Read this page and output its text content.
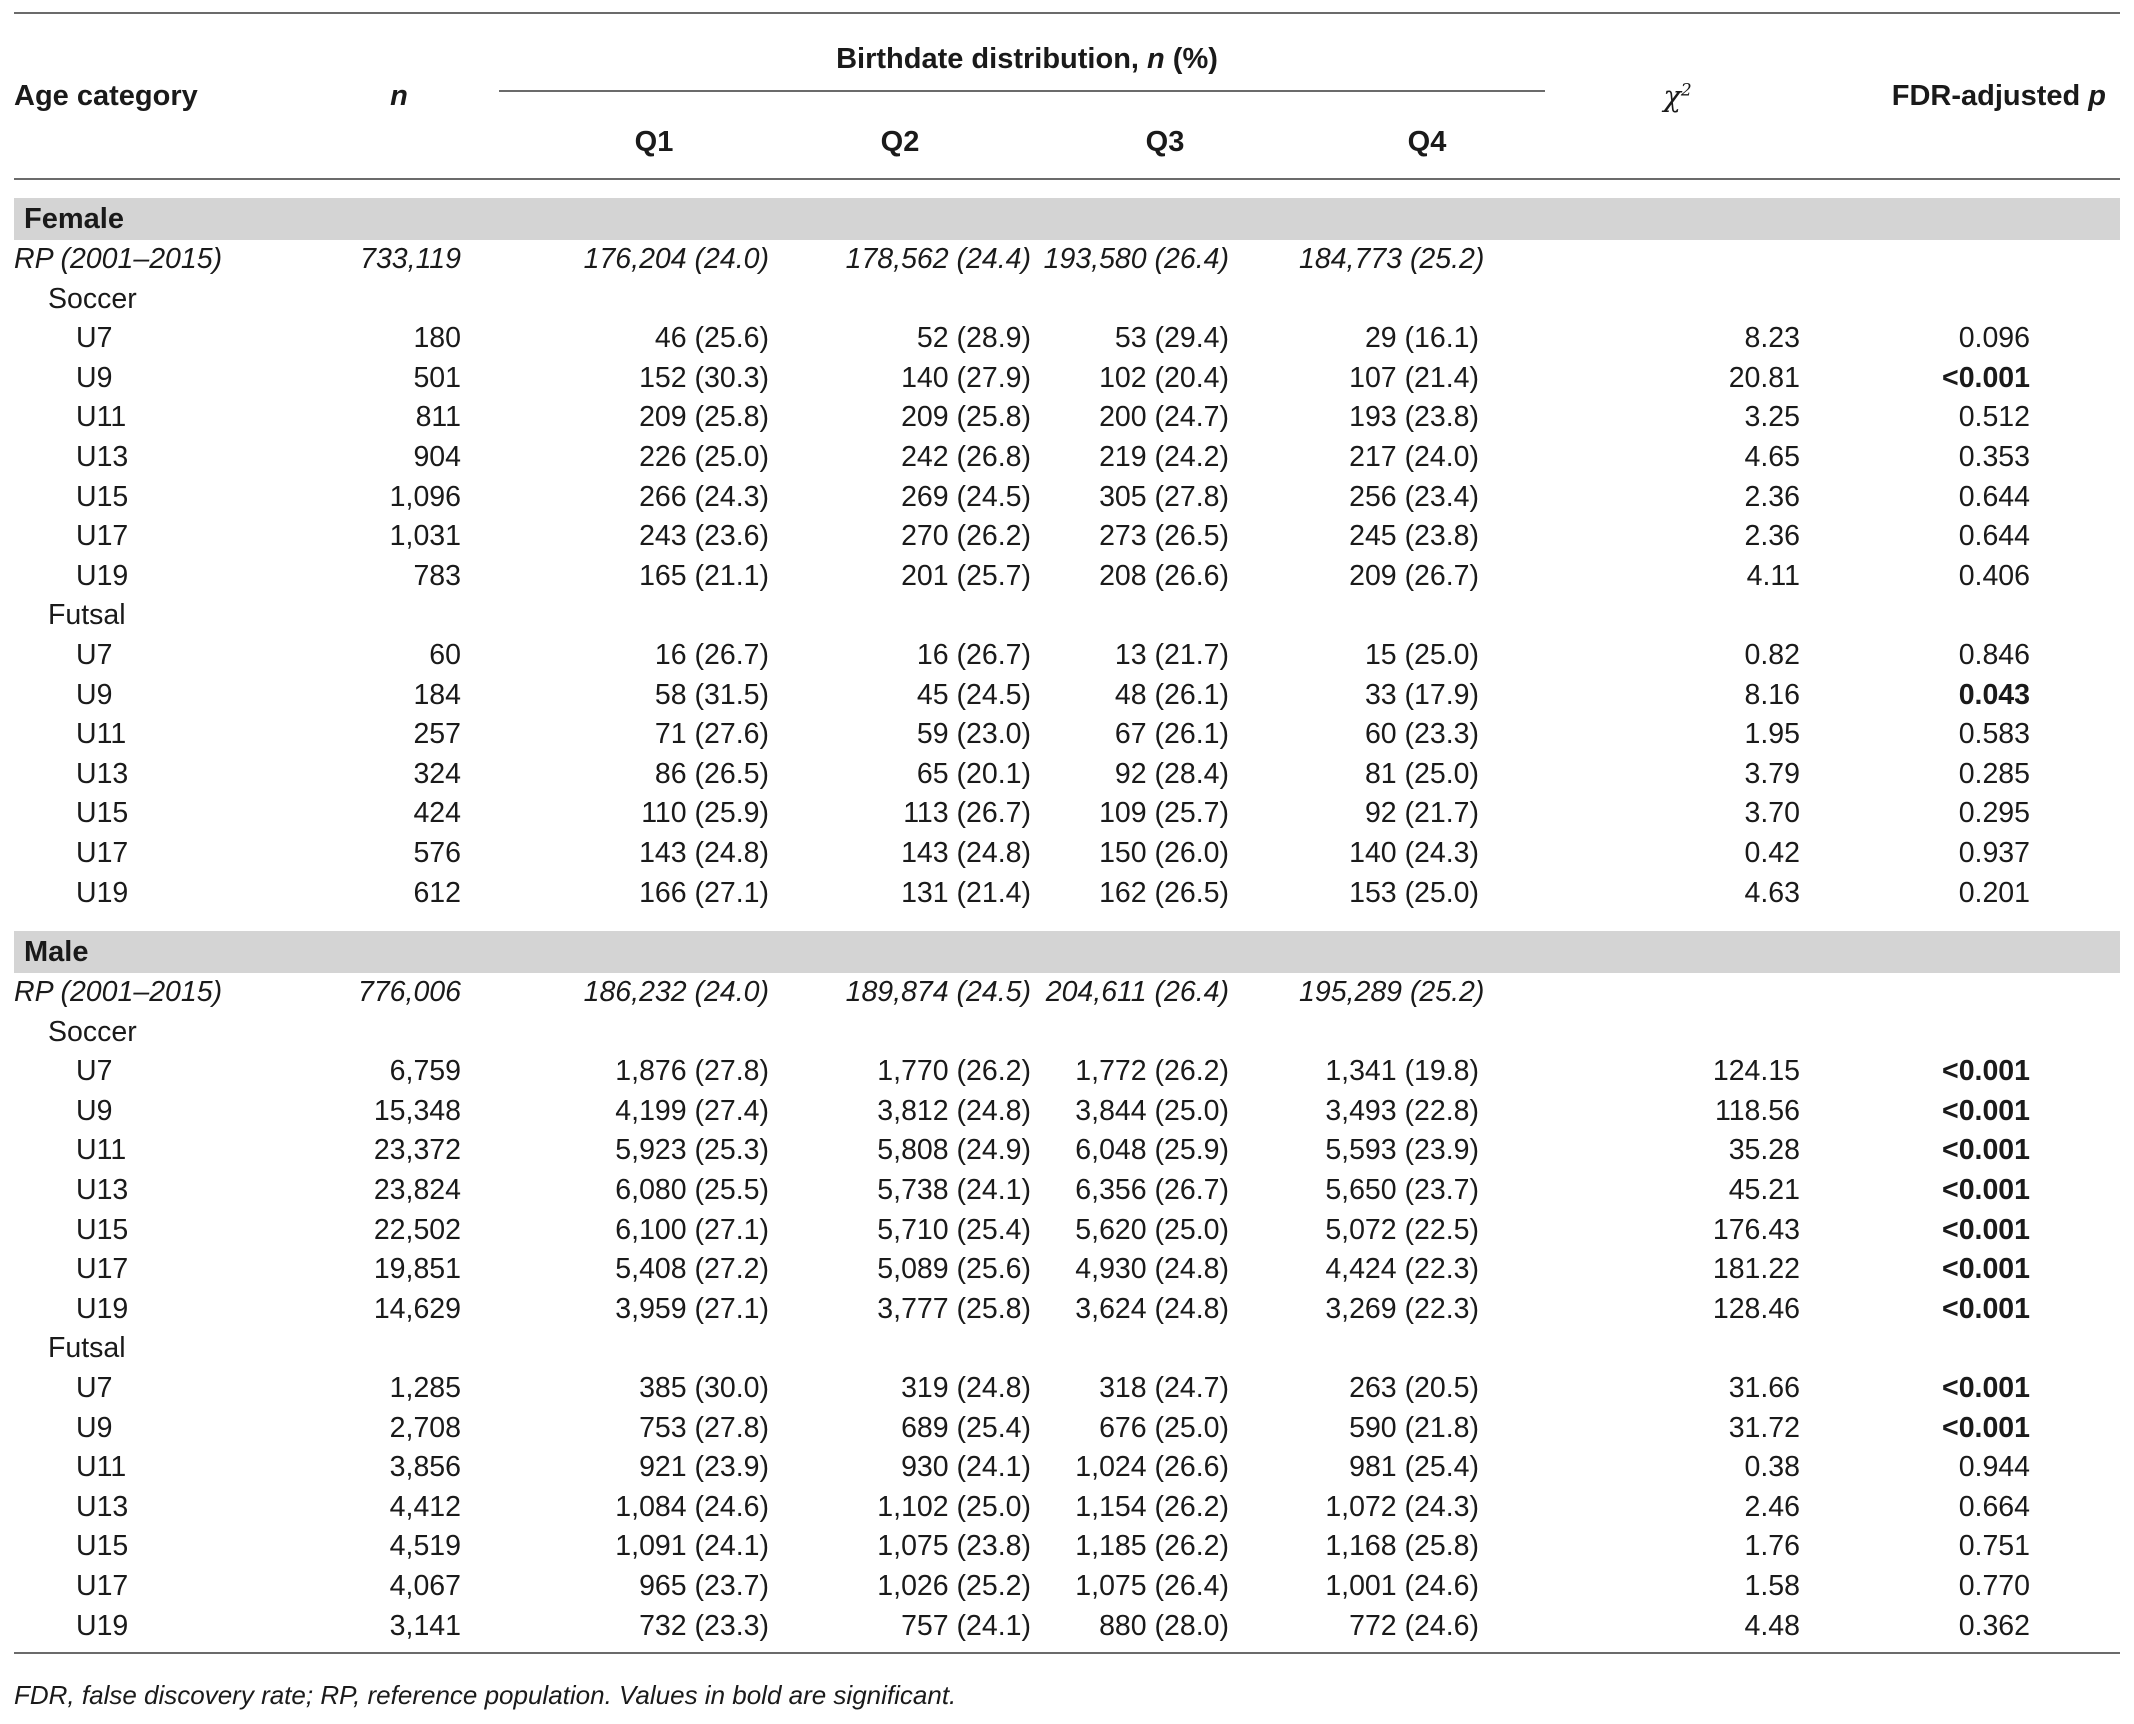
Age category	n	Birthdate distribution, n (%)				$\chi^2$	FDR-adjusted p
		Q1	Q2	Q3	Q4		

Female							
RP (2001–2015)	733,119	176,204 (24.0)	178,562 (24.4)	193,580 (26.4)	184,773 (25.2)		
Soccer							
U7	180	46 (25.6)	52 (28.9)	53 (29.4)	29 (16.1)	8.23	0.096
U9	501	152 (30.3)	140 (27.9)	102 (20.4)	107 (21.4)	20.81	<0.001
U11	811	209 (25.8)	209 (25.8)	200 (24.7)	193 (23.8)	3.25	0.512
U13	904	226 (25.0)	242 (26.8)	219 (24.2)	217 (24.0)	4.65	0.353
U15	1,096	266 (24.3)	269 (24.5)	305 (27.8)	256 (23.4)	2.36	0.644
U17	1,031	243 (23.6)	270 (26.2)	273 (26.5)	245 (23.8)	2.36	0.644
U19	783	165 (21.1)	201 (25.7)	208 (26.6)	209 (26.7)	4.11	0.406
Futsal							
U7	60	16 (26.7)	16 (26.7)	13 (21.7)	15 (25.0)	0.82	0.846
U9	184	58 (31.5)	45 (24.5)	48 (26.1)	33 (17.9)	8.16	0.043
U11	257	71 (27.6)	59 (23.0)	67 (26.1)	60 (23.3)	1.95	0.583
U13	324	86 (26.5)	65 (20.1)	92 (28.4)	81 (25.0)	3.79	0.285
U15	424	110 (25.9)	113 (26.7)	109 (25.7)	92 (21.7)	3.70	0.295
U17	576	143 (24.8)	143 (24.8)	150 (26.0)	140 (24.3)	0.42	0.937
U19	612	166 (27.1)	131 (21.4)	162 (26.5)	153 (25.0)	4.63	0.201

Male							
RP (2001–2015)	776,006	186,232 (24.0)	189,874 (24.5)	204,611 (26.4)	195,289 (25.2)		
Soccer							
U7	6,759	1,876 (27.8)	1,770 (26.2)	1,772 (26.2)	1,341 (19.8)	124.15	<0.001
U9	15,348	4,199 (27.4)	3,812 (24.8)	3,844 (25.0)	3,493 (22.8)	118.56	<0.001
U11	23,372	5,923 (25.3)	5,808 (24.9)	6,048 (25.9)	5,593 (23.9)	35.28	<0.001
U13	23,824	6,080 (25.5)	5,738 (24.1)	6,356 (26.7)	5,650 (23.7)	45.21	<0.001
U15	22,502	6,100 (27.1)	5,710 (25.4)	5,620 (25.0)	5,072 (22.5)	176.43	<0.001
U17	19,851	5,408 (27.2)	5,089 (25.6)	4,930 (24.8)	4,424 (22.3)	181.22	<0.001
U19	14,629	3,959 (27.1)	3,777 (25.8)	3,624 (24.8)	3,269 (22.3)	128.46	<0.001
Futsal							
U7	1,285	385 (30.0)	319 (24.8)	318 (24.7)	263 (20.5)	31.66	<0.001
U9	2,708	753 (27.8)	689 (25.4)	676 (25.0)	590 (21.8)	31.72	<0.001
U11	3,856	921 (23.9)	930 (24.1)	1,024 (26.6)	981 (25.4)	0.38	0.944
U13	4,412	1,084 (24.6)	1,102 (25.0)	1,154 (26.2)	1,072 (24.3)	2.46	0.664
U15	4,519	1,091 (24.1)	1,075 (23.8)	1,185 (26.2)	1,168 (25.8)	1.76	0.751
U17	4,067	965 (23.7)	1,026 (25.2)	1,075 (26.4)	1,001 (24.6)	1.58	0.770
U19	3,141	732 (23.3)	757 (24.1)	880 (28.0)	772 (24.6)	4.48	0.362
FDR, false discovery rate; RP, reference population. Values in bold are significant.
